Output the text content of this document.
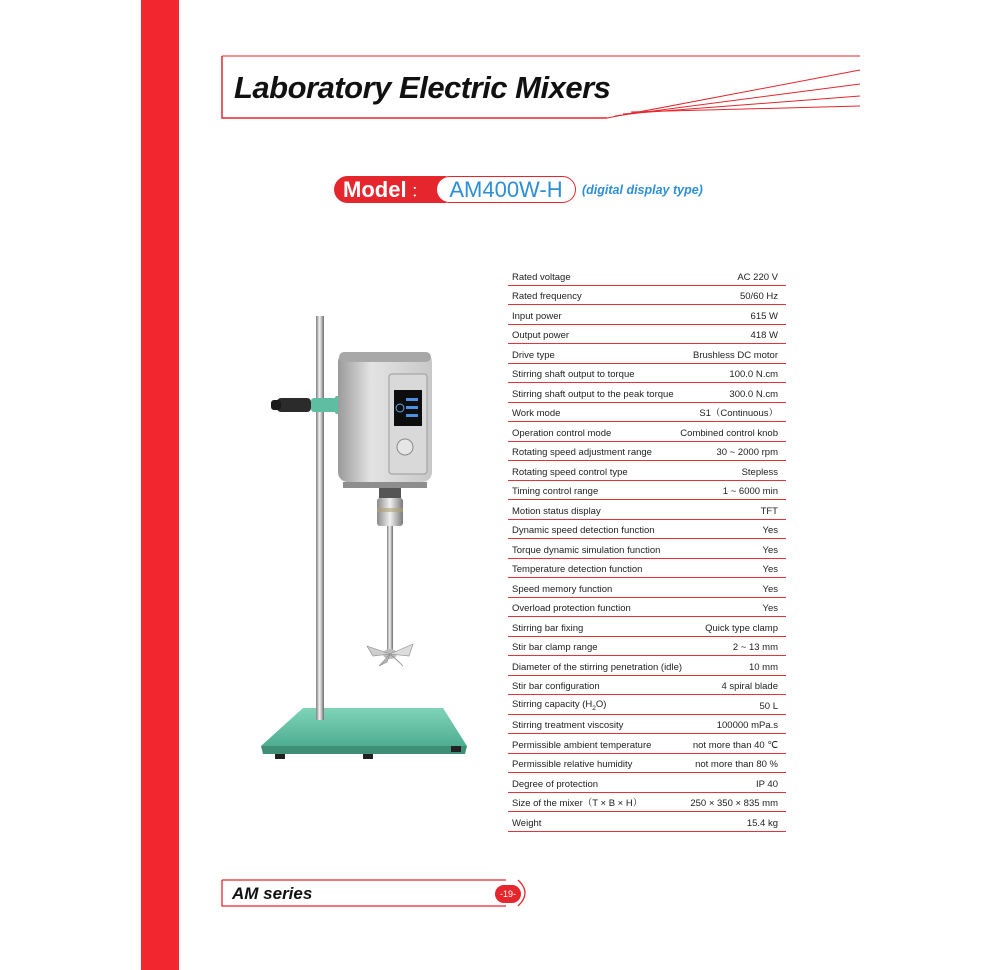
Laboratory Electric Mixers
Model ： AM400W-H	(digital display type)
Rated voltage	AC 220 V
Rated frequency	50/60 Hz
Input power	615 W
Output power	418 W
Drive type	Brushless DC motor
Stirring shaft output to torque	100.0 N.cm
Stirring shaft output to the peak torque	300.0 N.cm
Work mode	S1（Continuous）
Operation control mode	Combined control knob
Rotating speed adjustment range	30 ~ 2000 rpm
Rotating speed control type	Stepless
Timing control range	1 ~ 6000 min
Motion status display	TFT
Dynamic speed detection function	Yes
Torque dynamic simulation function	Yes
Temperature detection function	Yes
Speed memory function	Yes
Overload protection function	Yes
Stirring bar fixing	Quick type clamp
Stir bar clamp range	2 ~ 13 mm
Diameter of the stirring penetration (idle)	10 mm
Stir bar configuration	4 spiral blade
Stirring capacity $(H_2O)$	50 L
Stirring treatment viscosity	100000 mPa.s
Permissible ambient temperature	not more than 40 ℃
Permissible relative humidity	not more than 80 %
Degree of protection	IP 40
Size of the mixer（T × B × H）	250 × 350 × 835 mm
Weight	15.4 kg
AM series	-19-
